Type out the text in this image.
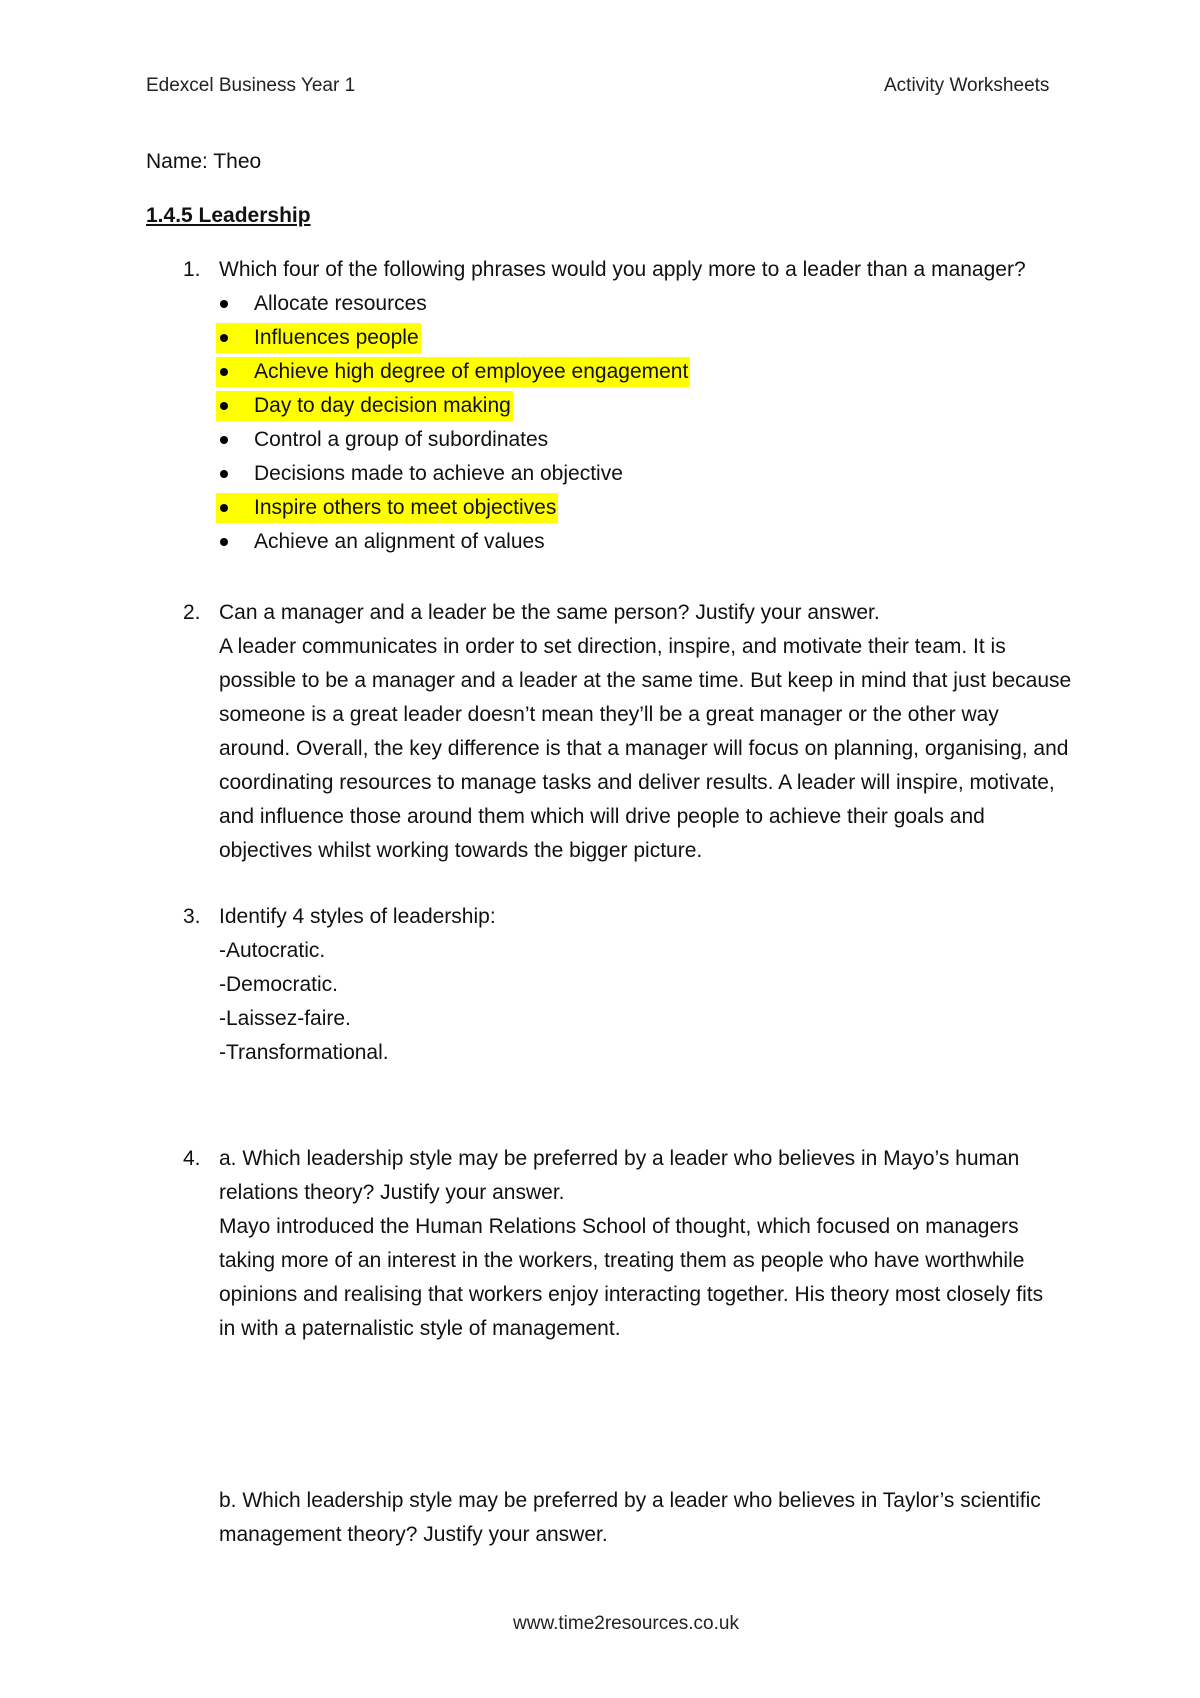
Edexcel Business Year 1	Activity Worksheets
Name: Theo
1.4.5 Leadership
1. Which four of the following phrases would you apply more to a leader than a manager?
Allocate resources
Influences people
Achieve high degree of employee engagement
Day to day decision making
Control a group of subordinates
Decisions made to achieve an objective
Inspire others to meet objectives
Achieve an alignment of values
2. Can a manager and a leader be the same person? Justify your answer.
A leader communicates in order to set direction, inspire, and motivate their team. It is
possible to be a manager and a leader at the same time. But keep in mind that just because
someone is a great leader doesn’t mean they’ll be a great manager or the other way
around. Overall, the key difference is that a manager will focus on planning, organising, and
coordinating resources to manage tasks and deliver results. A leader will inspire, motivate,
and influence those around them which will drive people to achieve their goals and
objectives whilst working towards the bigger picture.
3. Identify 4 styles of leadership:
-Autocratic.
-Democratic.
-Laissez-faire.
-Transformational.
4. a. Which leadership style may be preferred by a leader who believes in Mayo’s human
relations theory? Justify your answer.
Mayo introduced the Human Relations School of thought, which focused on managers
taking more of an interest in the workers, treating them as people who have worthwhile
opinions and realising that workers enjoy interacting together. His theory most closely fits
in with a paternalistic style of management.
b. Which leadership style may be preferred by a leader who believes in Taylor’s scientific
management theory? Justify your answer.
www.time2resources.co.uk
